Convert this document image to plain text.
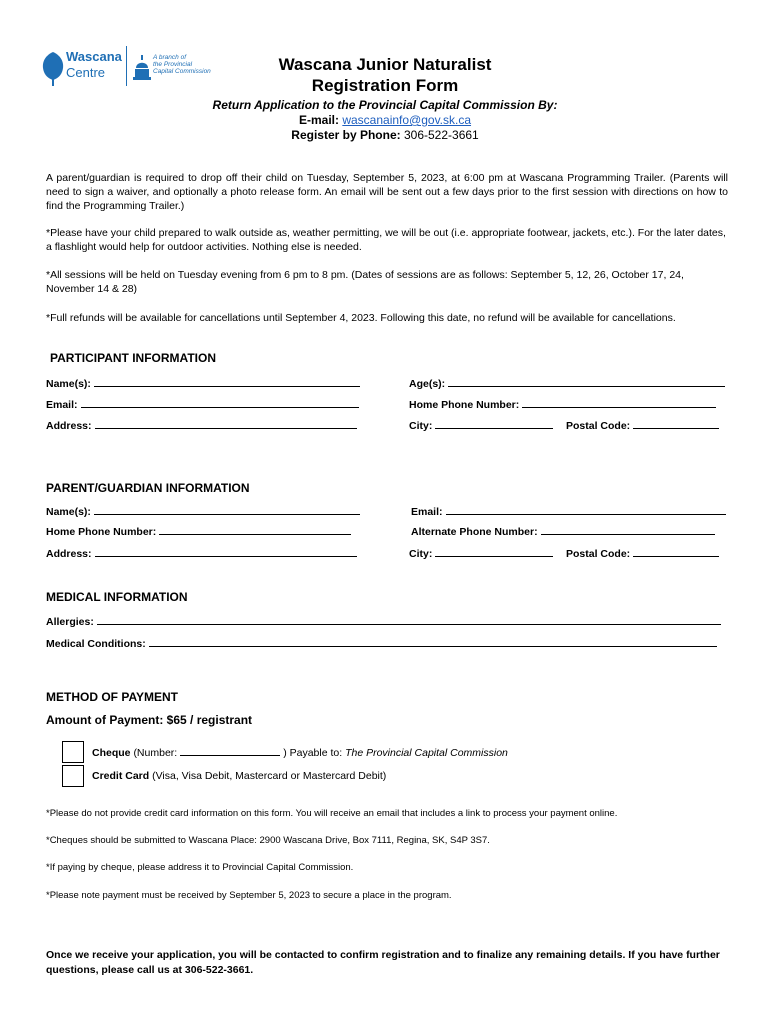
Wascana
Centre
A branch of
the Provincial
Capital Commission	Wascana Junior Naturalist
Registration Form
Return Application to the Provincial Capital Commission By:
E-mail: wascanainfo@gov.sk.ca
Register by Phone: 306-522-3661
A parent/guardian is required to drop off their child on Tuesday, September 5, 2023, at 6:00 pm at Wascana Programming Trailer. (Parents will need to sign a waiver, and optionally a photo release form. An email will be sent out a few days prior to the first session with directions on how to find the Programming Trailer.)
*Please have your child prepared to walk outside as, weather permitting, we will be out (i.e. appropriate footwear, jackets, etc.). For the later dates, a flashlight would help for outdoor activities. Nothing else is needed.
*All sessions will be held on Tuesday evening from 6 pm to 8 pm. (Dates of sessions are as follows: September 5, 12, 26, October 17, 24, November 14 & 28)
*Full refunds will be available for cancellations until September 4, 2023. Following this date, no refund will be available for cancellations.
PARTICIPANT INFORMATION
Name(s):	Age(s):
Email:	Home Phone Number:
Address:	City:	Postal Code:
PARENT/GUARDIAN INFORMATION
Name(s):	Email:
Home Phone Number:	Alternate Phone Number:
Address:	City:	Postal Code:
MEDICAL INFORMATION
Allergies:
Medical Conditions:
METHOD OF PAYMENT
Amount of Payment: $65 / registrant
Cheque (Number:	) Payable to: The Provincial Capital Commission
Credit Card (Visa, Visa Debit, Mastercard or Mastercard Debit)
*Please do not provide credit card information on this form. You will receive an email that includes a link to process your payment online.
*Cheques should be submitted to Wascana Place: 2900 Wascana Drive, Box 7111, Regina, SK, S4P 3S7.
*If paying by cheque, please address it to Provincial Capital Commission.
*Please note payment must be received by September 5, 2023 to secure a place in the program.
Once we receive your application, you will be contacted to confirm registration and to finalize any remaining details. If you have further questions, please call us at 306-522-3661.
